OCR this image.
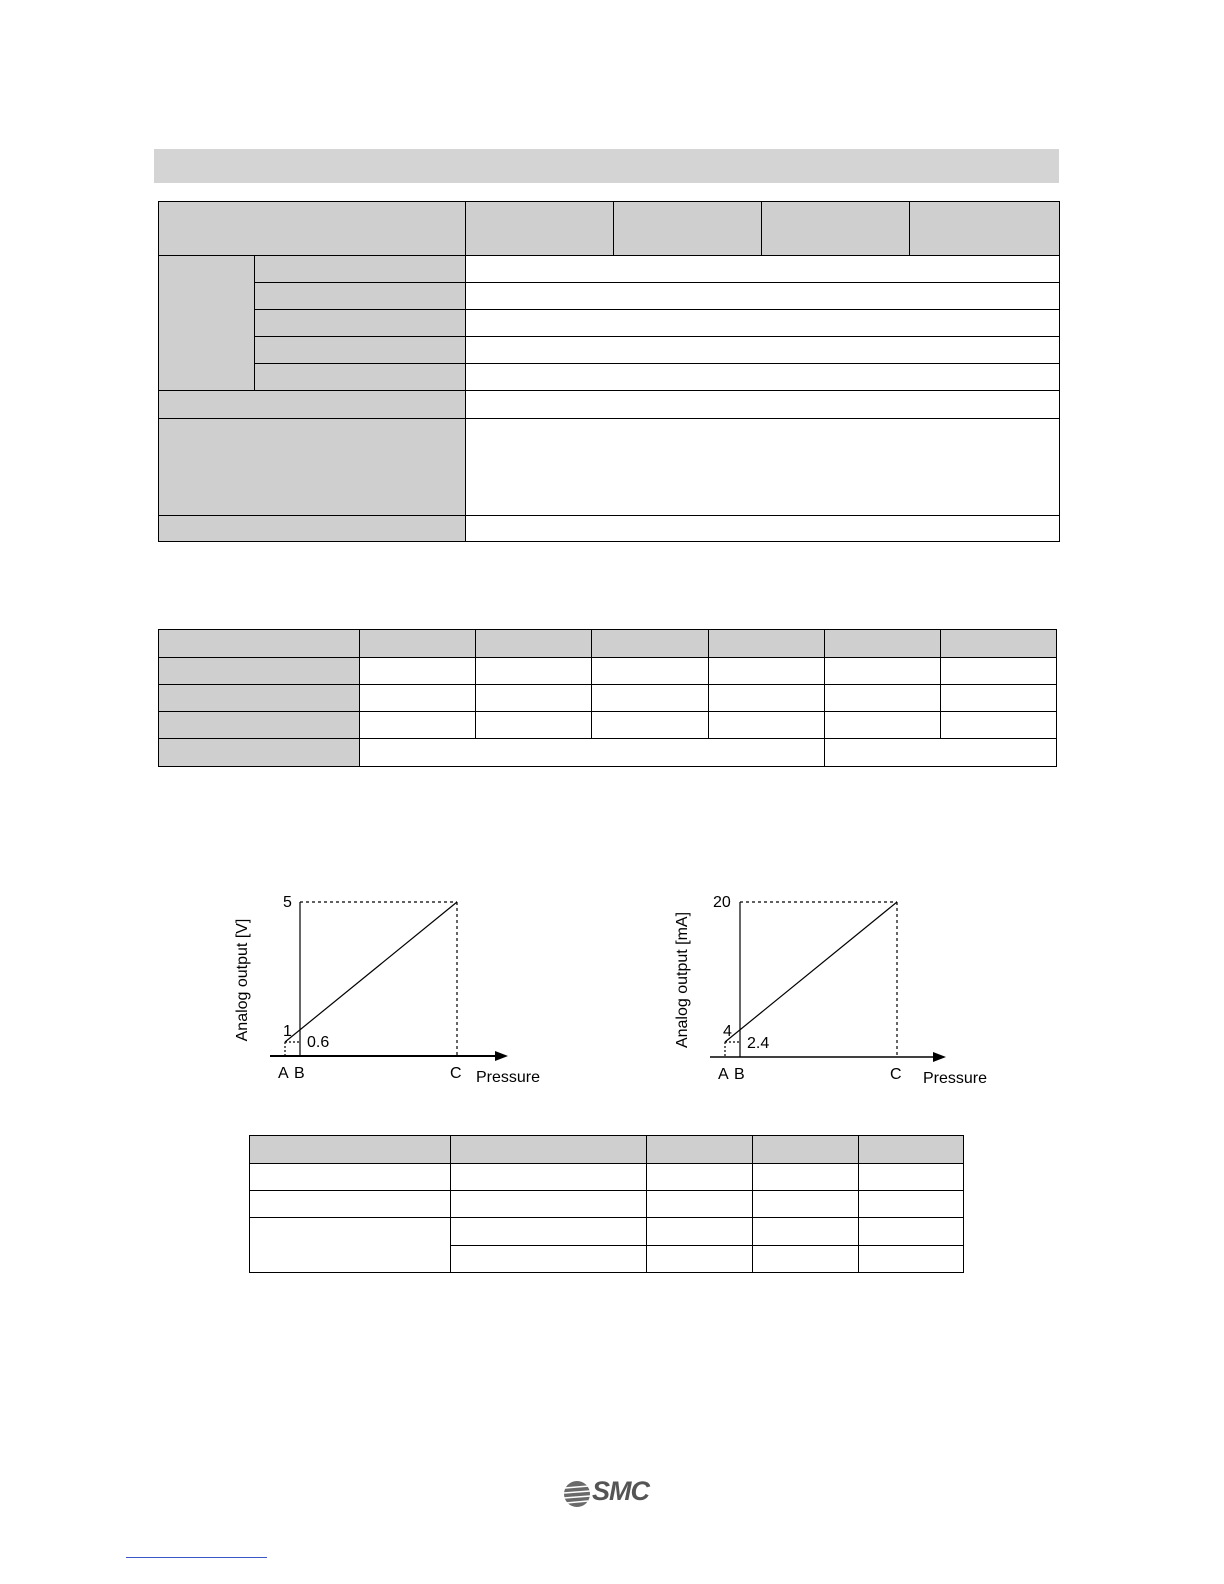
Analog output [V]
5
1
0.6
A B	C Pressure
Analog output [mA]
20
4
2.4
A B	C Pressure

SMC
